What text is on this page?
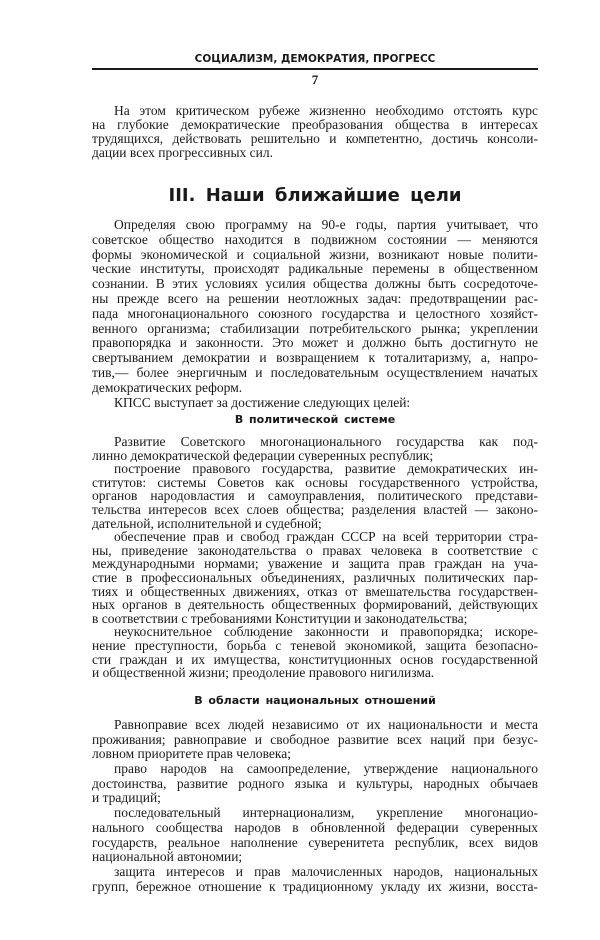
СОЦИАЛИЗМ, ДЕМОКРАТИЯ, ПРОГРЕСС
7
На этом критическом рубеже жизненно необходимо отстоять курс
на глубокие демократические преобразования общества в интересах
трудящихся, действовать решительно и компетентно, достичь консоли-
дации всех прогрессивных сил.
III. Наши ближайшие цели
Определяя свою программу на 90-е годы, партия учитывает, что
советское общество находится в подвижном состоянии — меняются
формы экономической и социальной жизни, возникают новые полити-
ческие институты, происходят радикальные перемены в общественном
сознании. В этих условиях усилия общества должны быть сосредоточе-
ны прежде всего на решении неотложных задач: предотвращении рас-
пада многонационального союзного государства и целостного хозяйст-
венного организма; стабилизации потребительского рынка; укреплении
правопорядка и законности. Это может и должно быть достигнуто не
свертыванием демократии и возвращением к тоталитаризму, а, напро-
тив,— более энергичным и последовательным осуществлением начатых
демократических реформ.
КПСС выступает за достижение следующих целей:
В политической системе
Развитие Советского многонационального государства как под-
линно демократической федерации суверенных республик;
построение правового государства, развитие демократических ин-
ститутов: системы Советов как основы государственного устройства,
органов народовластия и самоуправления, политического представи-
тельства интересов всех слоев общества; разделения властей — законо-
дательной, исполнительной и судебной;
обеспечение прав и свобод граждан СССР на всей территории стра-
ны, приведение законодательства о правах человека в соответствие с
международными нормами; уважение и защита прав граждан на уча-
стие в профессиональных объединениях, различных политических пар-
тиях и общественных движениях, отказ от вмешательства государствен-
ных органов в деятельность общественных формирований, действующих
в соответствии с требованиями Конституции и законодательства;
неукоснительное соблюдение законности и правопорядка; искоре-
нение преступности, борьба с теневой экономикой, защита безопасно-
сти граждан и их имущества, конституционных основ государственной
и общественной жизни; преодоление правового нигилизма.
В области национальных отношений
Равноправие всех людей независимо от их национальности и места
проживания; равноправие и свободное развитие всех наций при безус-
ловном приоритете прав человека;
право народов на самоопределение, утверждение национального
достоинства, развитие родного языка и культуры, народных обычаев
и традиций;
последовательный интернационализм, укрепление многонацио-
нального сообщества народов в обновленной федерации суверенных
государств, реальное наполнение суверенитета республик, всех видов
национальной автономии;
защита интересов и прав малочисленных народов, национальных
групп, бережное отношение к традиционному укладу их жизни, восста-
